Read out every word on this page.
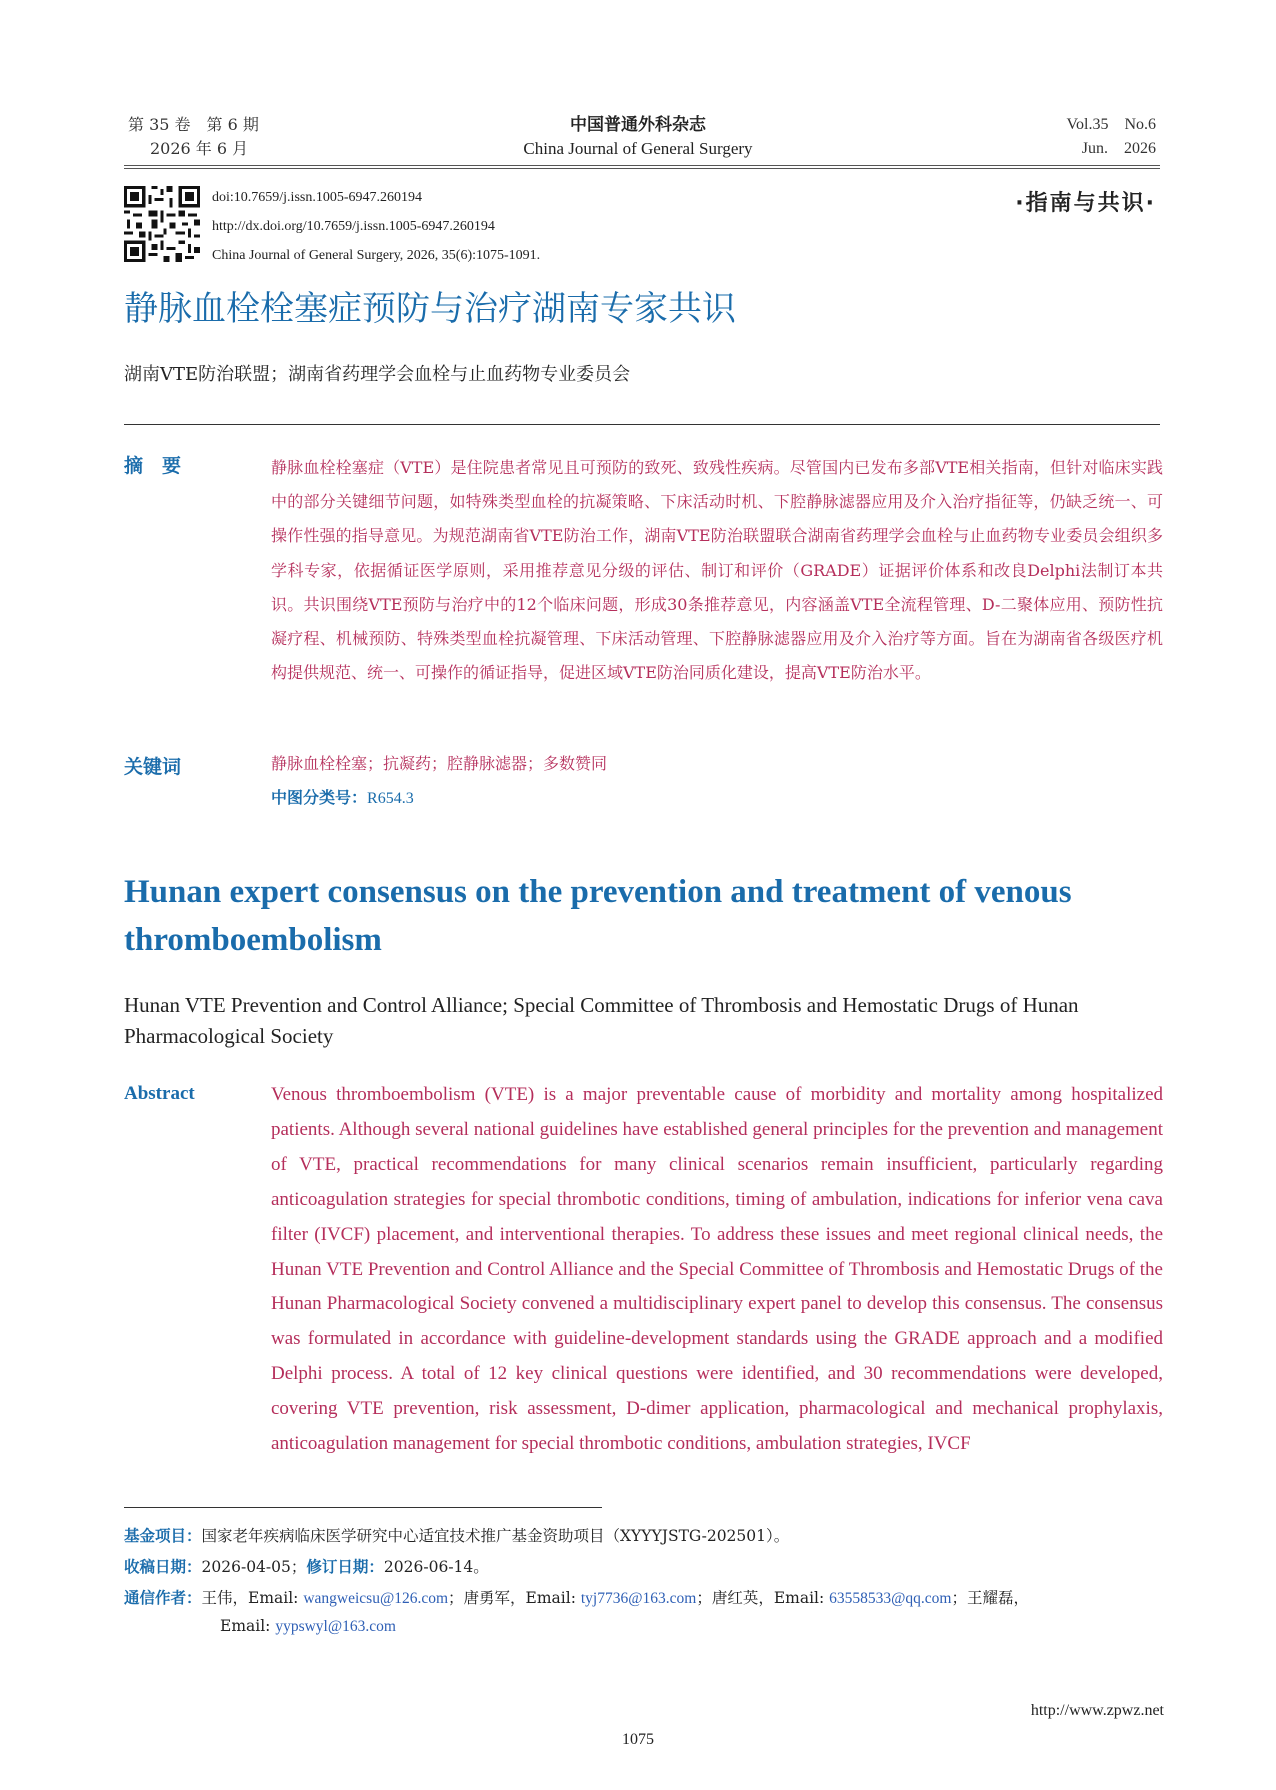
第 35 卷　第 6 期
2026 年 6 月
中国普通外科杂志
China Journal of General Surgery
Vol.35　No.6
Jun.　2026
doi:10.7659/j.issn.1005-6947.260194
http://dx.doi.org/10.7659/j.issn.1005-6947.260194
China Journal of General Surgery, 2026, 35(6):1075-1091.
·指南与共识·
静脉血栓栓塞症预防与治疗湖南专家共识
湖南VTE防治联盟；湖南省药理学会血栓与止血药物专业委员会
摘　要	静脉血栓栓塞症（VTE）是住院患者常见且可预防的致死、致残性疾病。尽管国内已发布多部VTE相关指南，但针对临床实践中的部分关键细节问题，如特殊类型血栓的抗凝策略、下床活动时机、下腔静脉滤器应用及介入治疗指征等，仍缺乏统一、可操作性强的指导意见。为规范湖南省VTE防治工作，湖南VTE防治联盟联合湖南省药理学会血栓与止血药物专业委员会组织多学科专家，依据循证医学原则，采用推荐意见分级的评估、制订和评价（GRADE）证据评价体系和改良Delphi法制订本共识。共识围绕VTE预防与治疗中的12个临床问题，形成30条推荐意见，内容涵盖VTE全流程管理、D-二聚体应用、预防性抗凝疗程、机械预防、特殊类型血栓抗凝管理、下床活动管理、下腔静脉滤器应用及介入治疗等方面。旨在为湖南省各级医疗机构提供规范、统一、可操作的循证指导，促进区域VTE防治同质化建设，提高VTE防治水平。
关键词	静脉血栓栓塞；抗凝药；腔静脉滤器；多数赞同
中图分类号：R654.3
Hunan expert consensus on the prevention and treatment of venous thromboembolism
Hunan VTE Prevention and Control Alliance; Special Committee of Thrombosis and Hemostatic Drugs of Hunan Pharmacological Society
Abstract	Venous thromboembolism (VTE) is a major preventable cause of morbidity and mortality among hospitalized patients. Although several national guidelines have established general principles for the prevention and management of VTE, practical recommendations for many clinical scenarios remain insufficient, particularly regarding anticoagulation strategies for special thrombotic conditions, timing of ambulation, indications for inferior vena cava filter (IVCF) placement, and interventional therapies. To address these issues and meet regional clinical needs, the Hunan VTE Prevention and Control Alliance and the Special Committee of Thrombosis and Hemostatic Drugs of the Hunan Pharmacological Society convened a multidisciplinary expert panel to develop this consensus. The consensus was formulated in accordance with guideline-development standards using the GRADE approach and a modified Delphi process. A total of 12 key clinical questions were identified, and 30 recommendations were developed, covering VTE prevention, risk assessment, D-dimer application, pharmacological and mechanical prophylaxis, anticoagulation management for special thrombotic conditions, ambulation strategies, IVCF
基金项目：国家老年疾病临床医学研究中心适宜技术推广基金资助项目（XYYYJSTG-202501）。
收稿日期：2026-04-05；修订日期：2026-06-14。
通信作者：王伟，Email: wangweicsu@126.com；唐勇军，Email: tyj7736@163.com；唐红英，Email: 63558533@qq.com；王耀磊，
Email: yypswyl@163.com
http://www.zpwz.net
1075
